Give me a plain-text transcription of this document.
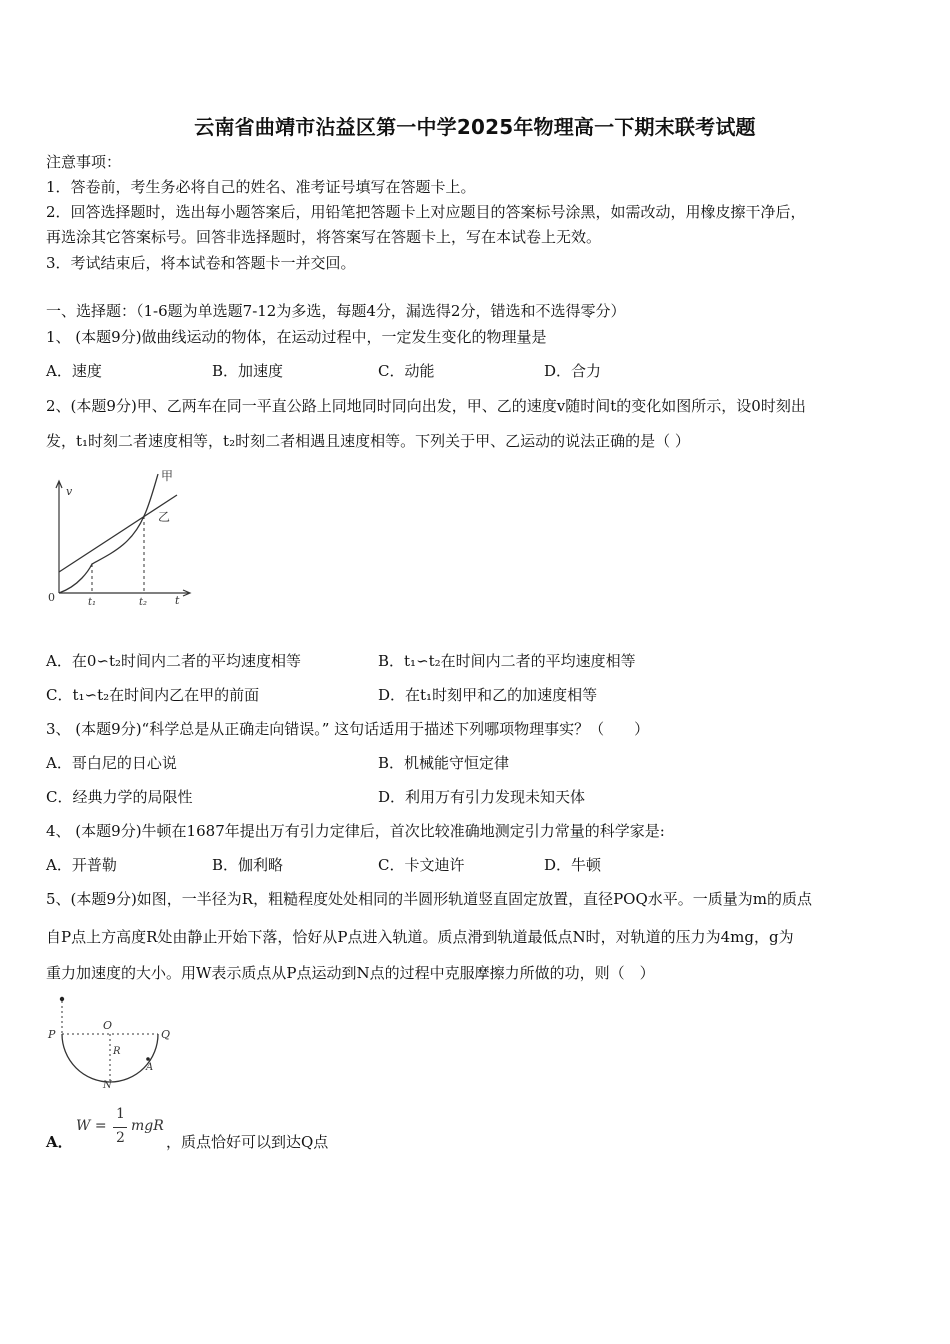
云南省曲靖市沾益区第一中学2025年物理高一下期末联考试题
注意事项：
1．答卷前，考生务必将自己的姓名、准考证号填写在答题卡上。
2．回答选择题时，选出每小题答案后，用铅笔把答题卡上对应题目的答案标号涂黑，如需改动，用橡皮擦干净后，
再选涂其它答案标号。回答非选择题时，将答案写在答题卡上，写在本试卷上无效。
3．考试结束后，将本试卷和答题卡一并交回。
一、选择题：（1-6题为单选题7-12为多选，每题4分，漏选得2分，错选和不选得零分）
1、 (本题9分)做曲线运动的物体，在运动过程中，一定发生变化的物理量是
A．速度	B．加速度	C．动能	D．合力
2、(本题9分)甲、乙两车在同一平直公路上同地同时同向出发，甲、乙的速度v随时间t的变化如图所示，设0时刻出
发，t₁时刻二者速度相等，t₂时刻二者相遇且速度相等。下列关于甲、乙运动的说法正确的是（ ）
v
0	t₁	t₂	t
甲
乙
A．在0∽t₂时间内二者的平均速度相等	B．t₁∽t₂在时间内二者的平均速度相等
C．t₁∽t₂在时间内乙在甲的前面	D．在t₁时刻甲和乙的加速度相等
3、 (本题9分)“科学总是从正确走向错误。” 这句话适用于描述下列哪项物理事实？（　　）
A．哥白尼的日心说	B．机械能守恒定律
C．经典力学的局限性	D．利用万有引力发现未知天体
4、 (本题9分)牛顿在1687年提出万有引力定律后，首次比较准确地测定引力常量的科学家是:
A．开普勒	B．伽利略	C．卡文迪许	D．牛顿
5、(本题9分)如图，一半径为R，粗糙程度处处相同的半圆形轨道竖直固定放置，直径POQ水平。一质量为m的质点
自P点上方高度R处由静止开始下落，恰好从P点进入轨道。质点滑到轨道最低点N时，对轨道的压力为4mg，g为
重力加速度的大小。用W表示质点从P点运动到N点的过程中克服摩擦力所做的功，则（　）
P
O
Q
R
N
A
A．
W =
1
2
mgR
，质点恰好可以到达Q点
